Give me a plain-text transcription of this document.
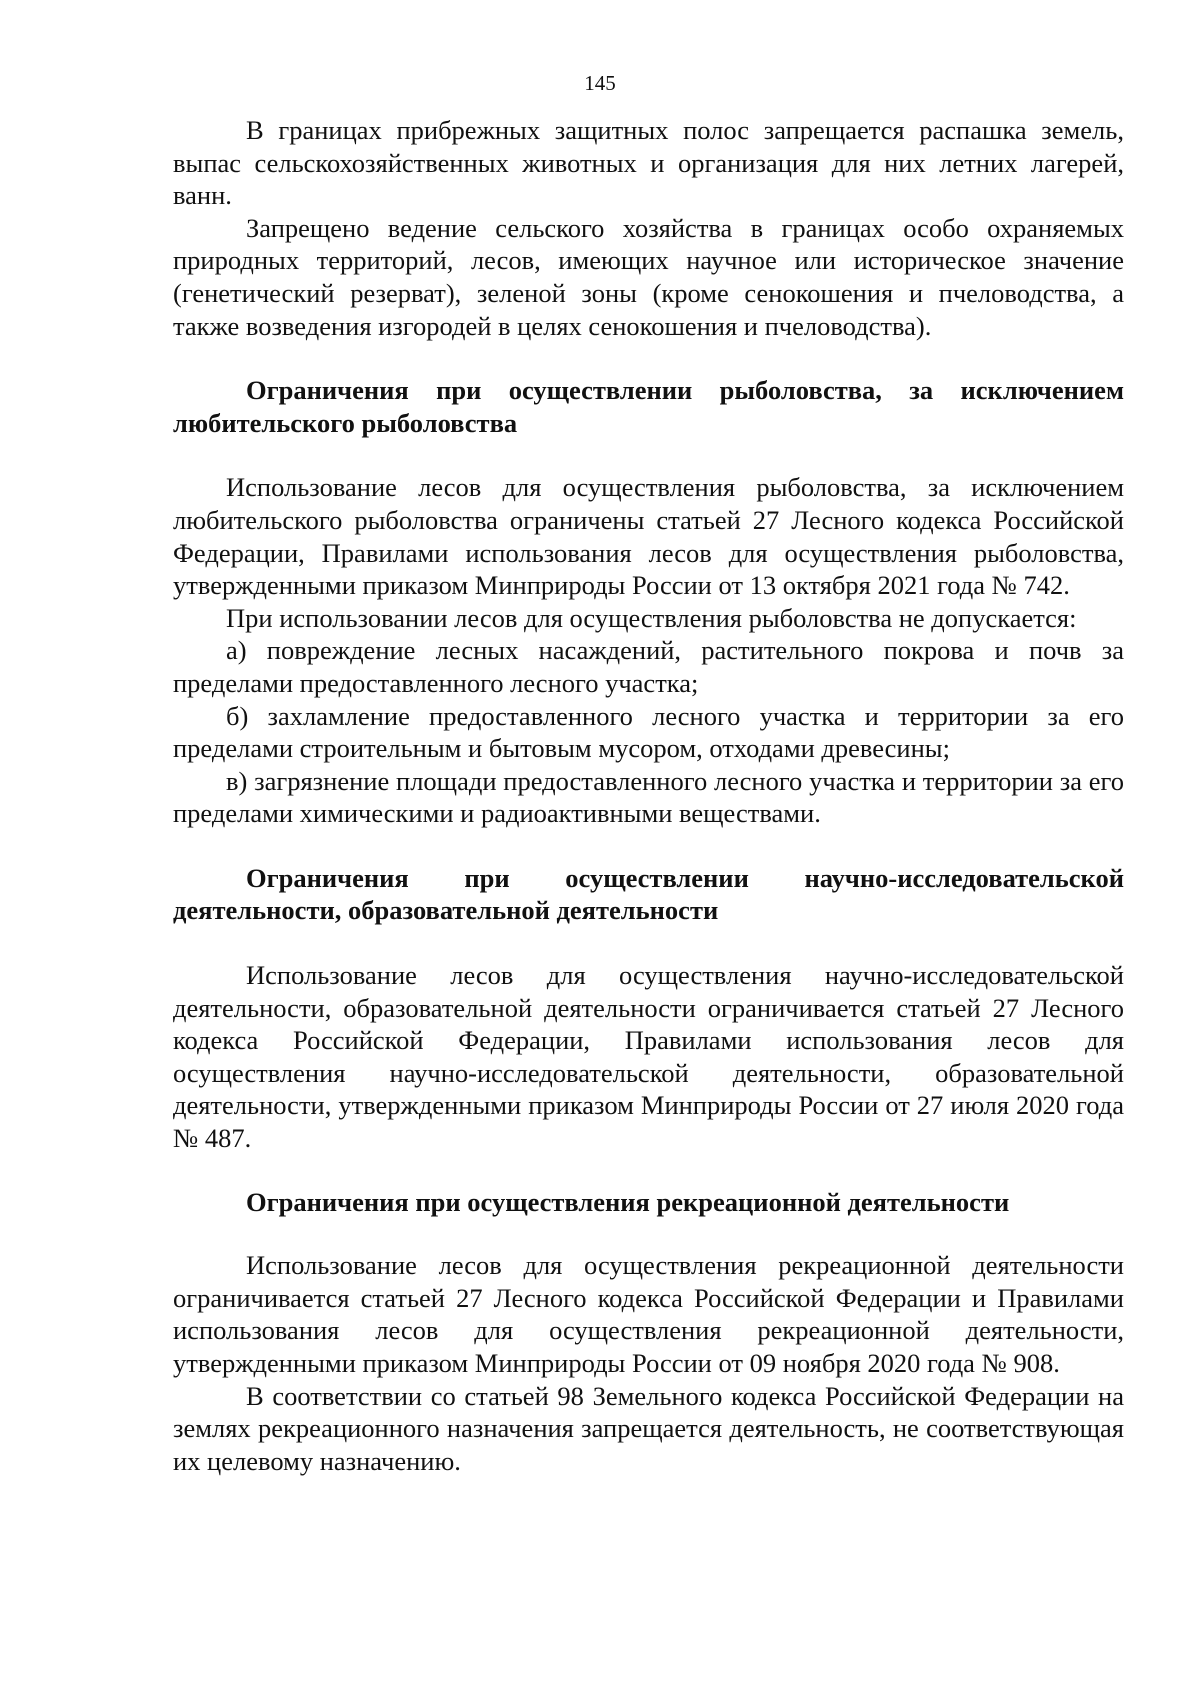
145

В границах прибрежных защитных полос запрещается распашка земель, выпас сельскохозяйственных животных и организация для них летних лагерей, ванн.

Запрещено ведение сельского хозяйства в границах особо охраняемых природных территорий, лесов, имеющих научное или историческое значение (генетический резерват), зеленой зоны (кроме сенокошения и пчеловодства, а также возведения изгородей в целях сенокошения и пчеловодства).

Ограничения при осуществлении рыболовства, за исключением любительского рыболовства

Использование лесов для осуществления рыболовства, за исключением любительского рыболовства ограничены статьей 27 Лесного кодекса Российской Федерации, Правилами использования лесов для осуществления рыболовства, утвержденными приказом Минприроды России от 13 октября 2021 года № 742.

При использовании лесов для осуществления рыболовства не допускается:

а) повреждение лесных насаждений, растительного покрова и почв за пределами предоставленного лесного участка;

б) захламление предоставленного лесного участка и территории за его пределами строительным и бытовым мусором, отходами древесины;

в) загрязнение площади предоставленного лесного участка и территории за его пределами химическими и радиоактивными веществами.

Ограничения при осуществлении научно-исследовательской деятельности, образовательной деятельности

Использование лесов для осуществления научно-исследовательской деятельности, образовательной деятельности ограничивается статьей 27 Лесного кодекса Российской Федерации, Правилами использования лесов для осуществления научно-исследовательской деятельности, образовательной деятельности, утвержденными приказом Минприроды России от 27 июля 2020 года № 487.

Ограничения при осуществления рекреационной деятельности

Использование лесов для осуществления рекреационной деятельности ограничивается статьей 27 Лесного кодекса Российской Федерации и Правилами использования лесов для осуществления рекреационной деятельности, утвержденными приказом Минприроды России от 09 ноября 2020 года № 908.

В соответствии со статьей 98 Земельного кодекса Российской Федерации на землях рекреационного назначения запрещается деятельность, не соответствующая их целевому назначению.
